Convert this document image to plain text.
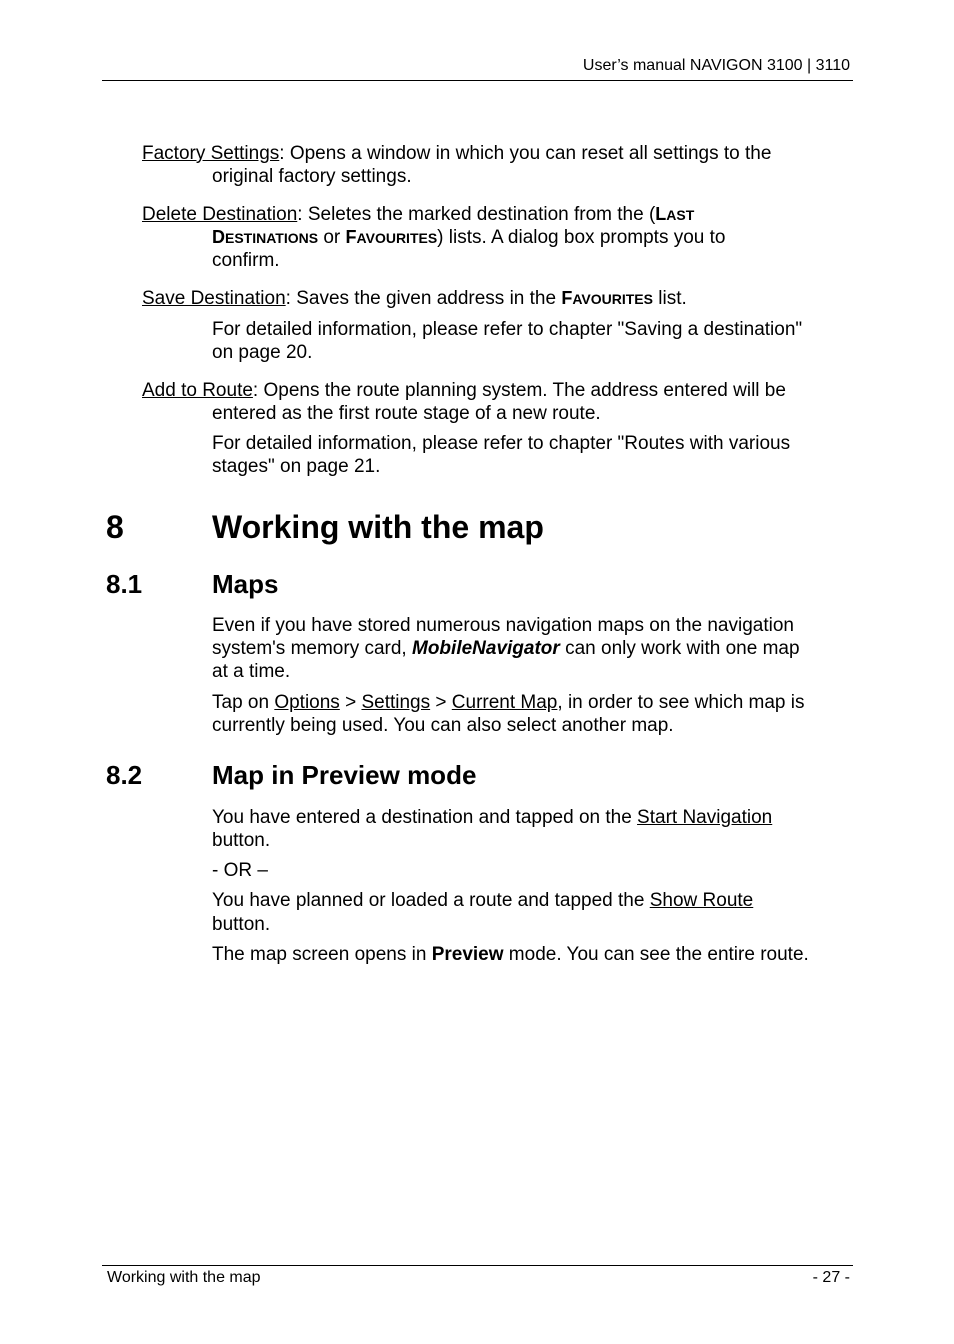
User’s manual NAVIGON 3100 | 3110
Factory Settings: Opens a window in which you can reset all settings to the
original factory settings.
Delete Destination: Seletes the marked destination from the (LAST
DESTINATIONS or FAVOURITES) lists. A dialog box prompts you to
confirm.
Save Destination: Saves the given address in the FAVOURITES list.
For detailed information, please refer to chapter "Saving a destination"
on page 20.
Add to Route: Opens the route planning system. The address entered will be
entered as the first route stage of a new route.
For detailed information, please refer to chapter "Routes with various
stages" on page 21.
8	Working with the map
8.1	Maps
Even if you have stored numerous navigation maps on the navigation
system's memory card, MobileNavigator can only work with one map
at a time.
Tap on Options > Settings > Current Map, in order to see which map is
currently being used. You can also select another map.
8.2	Map in Preview mode
You have entered a destination and tapped on the Start Navigation
button.
- OR –
You have planned or loaded a route and tapped the Show Route
button.
The map screen opens in Preview mode. You can see the entire route.
Working with the map	- 27 -
